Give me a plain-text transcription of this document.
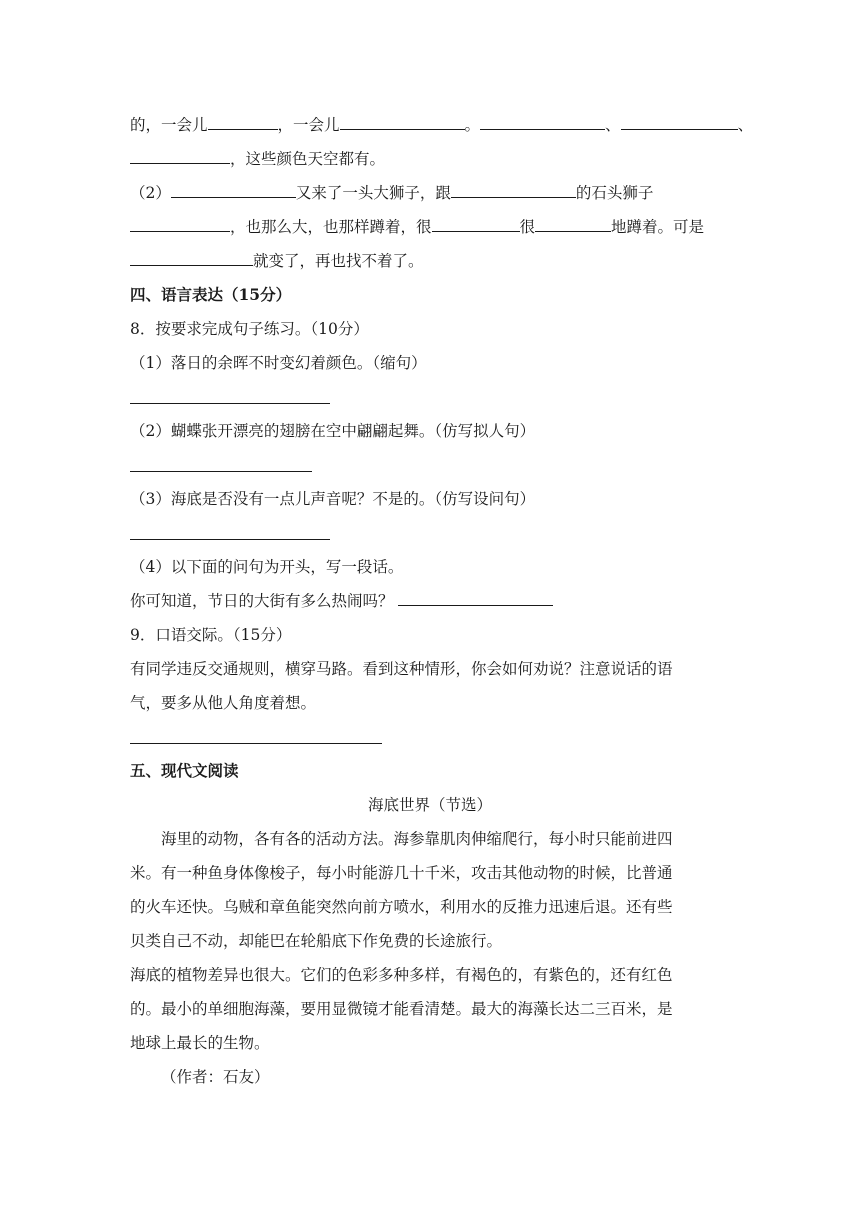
的，一会儿	，一会儿	。	、	、
，这些颜色天空都有。
（2）	又来了一头大狮子，跟	的石头狮子
，也那么大，也那样蹲着，很	很	地蹲着。可是
就变了，再也找不着了。
四、语言表达（15分）
8．按要求完成句子练习。（10分）
（1）落日的余晖不时变幻着颜色。（缩句）
（2）蝴蝶张开漂亮的翅膀在空中翩翩起舞。（仿写拟人句）
（3）海底是否没有一点儿声音呢？不是的。（仿写设问句）
（4）以下面的问句为开头，写一段话。
你可知道，节日的大街有多么热闹吗？
9．口语交际。（15分）
有同学违反交通规则，横穿马路。看到这种情形，你会如何劝说？注意说话的语
气，要多从他人角度着想。
五、现代文阅读
海底世界（节选）
海里的动物，各有各的活动方法。海参靠肌肉伸缩爬行，每小时只能前进四
米。有一种鱼身体像梭子，每小时能游几十千米，攻击其他动物的时候，比普通
的火车还快。乌贼和章鱼能突然向前方喷水，利用水的反推力迅速后退。还有些
贝类自己不动，却能巴在轮船底下作免费的长途旅行。
海底的植物差异也很大。它们的色彩多种多样，有褐色的，有紫色的，还有红色
的。最小的单细胞海藻，要用显微镜才能看清楚。最大的海藻长达二三百米，是
地球上最长的生物。
（作者：石友）
